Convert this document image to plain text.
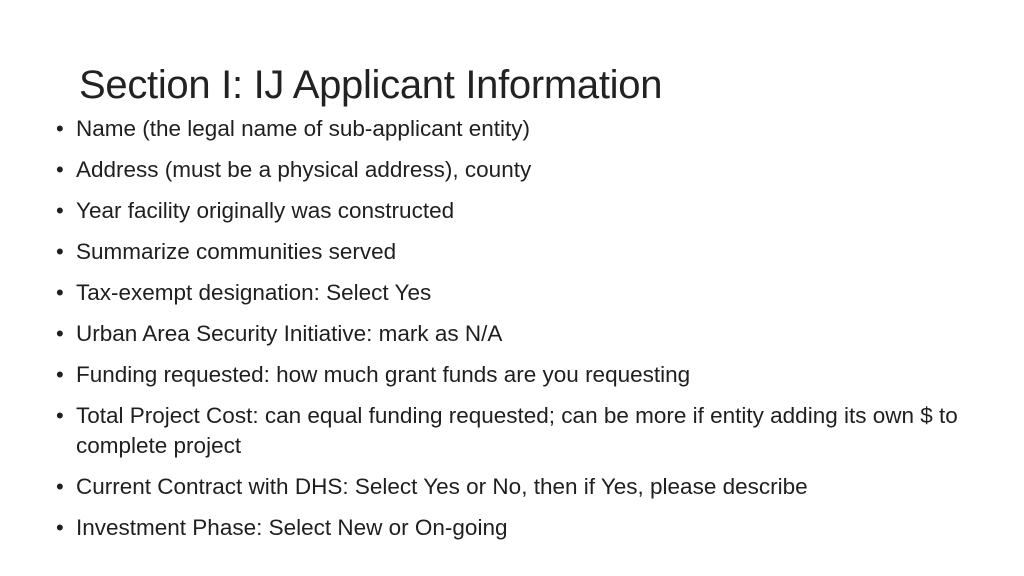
Section I: IJ Applicant Information
• Name (the legal name of sub-applicant entity)
• Address (must be a physical address), county
• Year facility originally was constructed
• Summarize communities served
• Tax-exempt designation: Select Yes
• Urban Area Security Initiative: mark as N/A
• Funding requested: how much grant funds are you requesting
• Total Project Cost: can equal funding requested; can be more if entity adding its own $ to complete project
• Current Contract with DHS: Select Yes or No, then if Yes, please describe
• Investment Phase: Select New or On-going
